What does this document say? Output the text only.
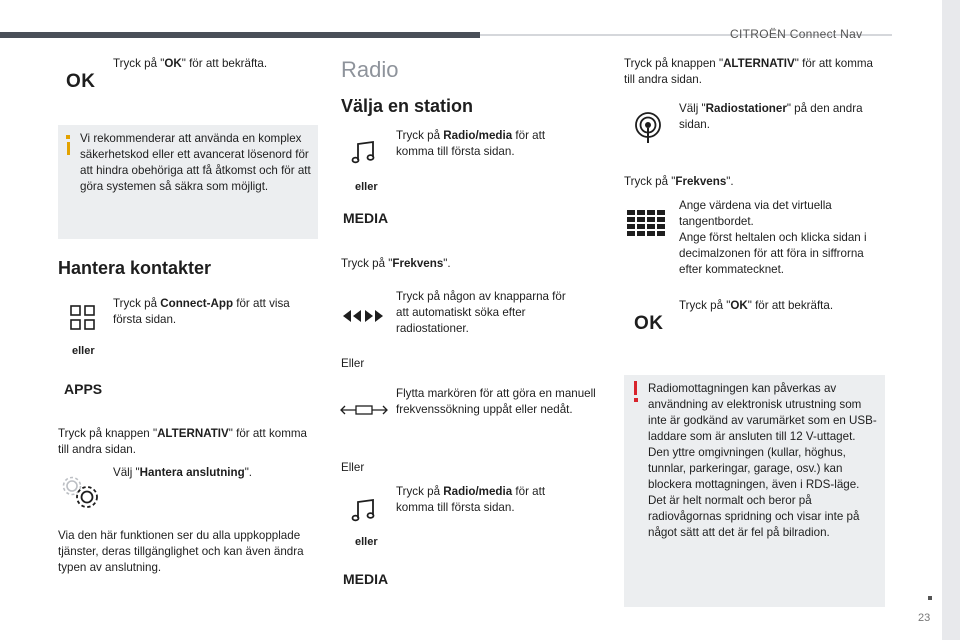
CITROËN Connect Nav
23
OK
Tryck på "OK" för att bekräfta.
Vi rekommenderar att använda en komplex säkerhetskod eller ett avancerat lösenord för att hindra obehöriga att få åtkomst och för att göra systemen så säkra som möjligt.
Hantera kontakter
eller
APPS
Tryck på Connect-App för att visa första sidan.
Tryck på knappen "ALTERNATIV" för att komma till andra sidan.
Välj "Hantera anslutning".
Via den här funktionen ser du alla uppkopplade tjänster, deras tillgänglighet och kan även ändra typen av anslutning.
Radio
Välja en station
eller
MEDIA
Tryck på Radio/media för att komma till första sidan.
Tryck på "Frekvens".
Tryck på någon av knapparna för att automatiskt söka efter radiostationer.
Eller
Flytta markören för att göra en manuell frekvenssökning uppåt eller nedåt.
Eller
eller
MEDIA
Tryck på Radio/media för att komma till första sidan.
Tryck på knappen "ALTERNATIV" för att komma till andra sidan.
Välj "Radiostationer" på den andra sidan.
Tryck på "Frekvens".
Ange värdena via det virtuella tangentbordet.
Ange först heltalen och klicka sidan i decimalzonen för att föra in siffrorna efter kommatecknet.
OK
Tryck på "OK" för att bekräfta.
Radiomottagningen kan påverkas av användning av elektronisk utrustning som inte är godkänd av varumärket som en USB-laddare som är ansluten till 12 V-uttaget.
Den yttre omgivningen (kullar, höghus, tunnlar, parkeringar, garage, osv.) kan blockera mottagningen, även i RDS-läge. Det är helt normalt och beror på radiovågornas spridning och visar inte på något sätt att det är fel på bilradion.
